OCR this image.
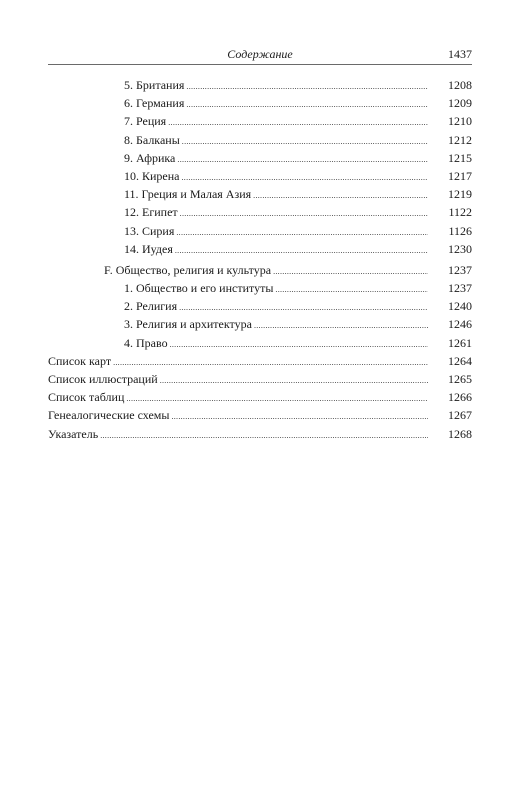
Содержание	1437
5. Британия .....	1208
6. Германия .....	1209
7. Реция .....	1210
8. Балканы .....	1212
9. Африка .....	1215
10. Кирена .....	1217
11. Греция и Малая Азия .....	1219
12. Египет .....	1122
13. Сирия .....	1126
14. Иудея .....	1230
F. Общество, религия и культура .....	1237
1. Общество и его институты .....	1237
2. Религия .....	1240
3. Религия и архитектура .....	1246
4. Право .....	1261
Список карт .....	1264
Список иллюстраций .....	1265
Список таблиц .....	1266
Генеалогические схемы .....	1267
Указатель .....	1268
